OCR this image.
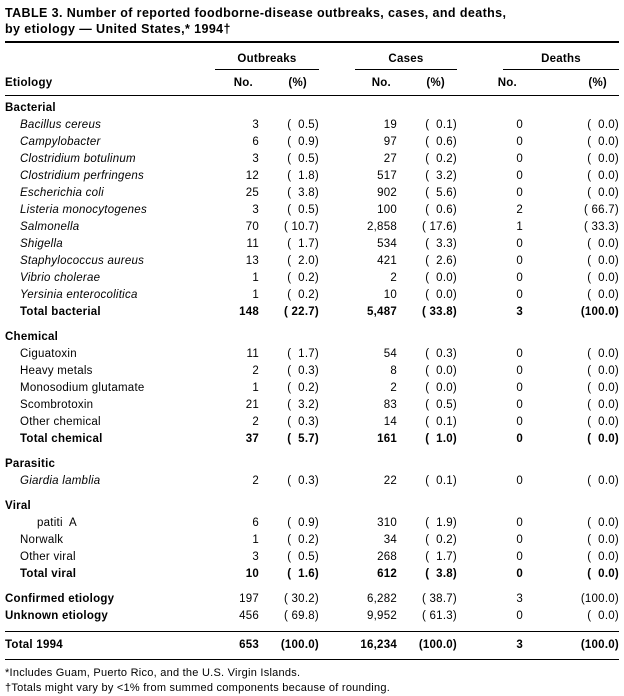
TABLE 3. Number of reported foodborne-disease outbreaks, cases, and deaths,
by etiology — United States,* 1994†
Outbreaks	Cases	Deaths
Etiology	No.	(%)	No.	(%)	No.	(%)
Bacterial
Bacillus cereus	3	(  0.5)	19	(  0.1)	0	(  0.0)
Campylobacter	6	(  0.9)	97	(  0.6)	0	(  0.0)
Clostridium botulinum	3	(  0.5)	27	(  0.2)	0	(  0.0)
Clostridium perfringens	12	(  1.8)	517	(  3.2)	0	(  0.0)
Escherichia coli	25	(  3.8)	902	(  5.6)	0	(  0.0)
Listeria monocytogenes	3	(  0.5)	100	(  0.6)	2	( 66.7)
Salmonella	70	( 10.7)	2,858	( 17.6)	1	( 33.3)
Shigella	11	(  1.7)	534	(  3.3)	0	(  0.0)
Staphylococcus aureus	13	(  2.0)	421	(  2.6)	0	(  0.0)
Vibrio cholerae	1	(  0.2)	2	(  0.0)	0	(  0.0)
Yersinia enterocolitica	1	(  0.2)	10	(  0.0)	0	(  0.0)
Total bacterial	148	( 22.7)	5,487	( 33.8)	3	(100.0)
Chemical
Ciguatoxin	11	(  1.7)	54	(  0.3)	0	(  0.0)
Heavy metals	2	(  0.3)	8	(  0.0)	0	(  0.0)
Monosodium glutamate	1	(  0.2)	2	(  0.0)	0	(  0.0)
Scombrotoxin	21	(  3.2)	83	(  0.5)	0	(  0.0)
Other chemical	2	(  0.3)	14	(  0.1)	0	(  0.0)
Total chemical	37	(  5.7)	161	(  1.0)	0	(  0.0)
Parasitic
Giardia lamblia	2	(  0.3)	22	(  0.1)	0	(  0.0)
Viral
patiti  A	6	(  0.9)	310	(  1.9)	0	(  0.0)
Norwalk	1	(  0.2)	34	(  0.2)	0	(  0.0)
Other viral	3	(  0.5)	268	(  1.7)	0	(  0.0)
Total viral	10	(  1.6)	612	(  3.8)	0	(  0.0)
Confirmed etiology	197	( 30.2)	6,282	( 38.7)	3	(100.0)
Unknown etiology	456	( 69.8)	9,952	( 61.3)	0	(  0.0)
Total 1994	653	(100.0)	16,234	(100.0)	3	(100.0)
*Includes Guam, Puerto Rico, and the U.S. Virgin Islands.
†Totals might vary by <1% from summed components because of rounding.
